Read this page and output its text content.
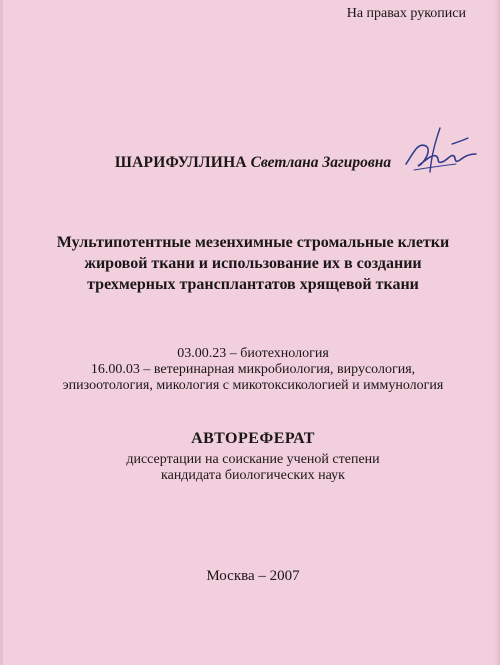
На правах рукописи
ШАРИФУЛЛИНА Светлана Загировна
Мультипотентные мезенхимные стромальные клетки
жировой ткани и использование их в создании
трехмерных трансплантатов хрящевой ткани
03.00.23 – биотехнология
16.00.03 – ветеринарная микробиология, вирусология,
эпизоотология, микология с микотоксикологией и иммунология
АВТОРЕФЕРАТ
диссертации на соискание ученой степени
кандидата биологических наук
Москва – 2007
